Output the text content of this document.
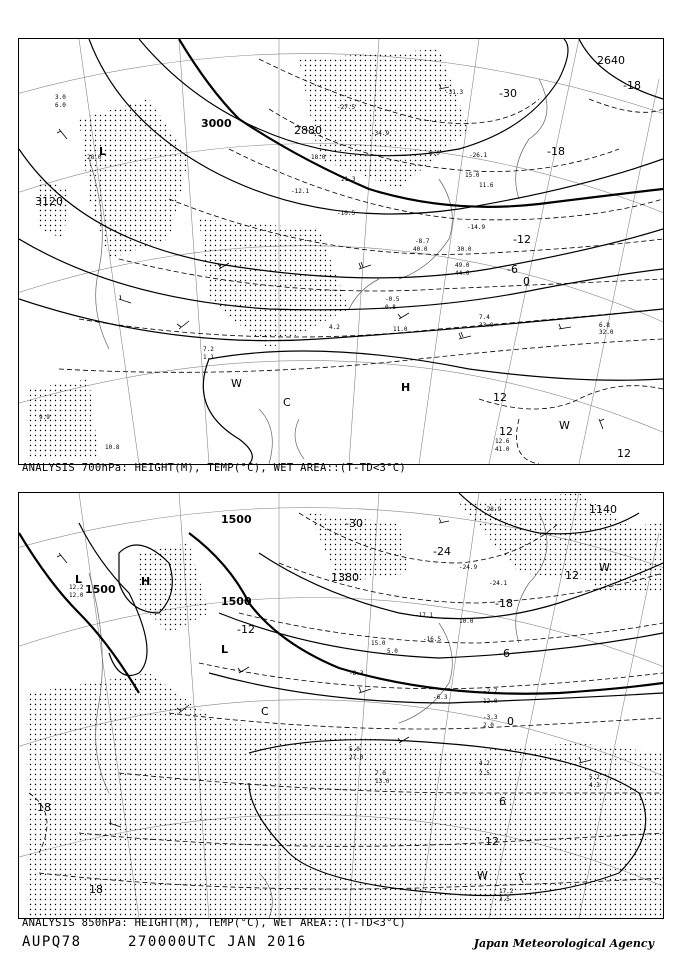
3000
2880
2640
3120
-30
-18
-12
-6
0
12
12
12
-18
L
H
W
C
W
-34.9
-27.5
-31.3
-26.1
6.0
15.0
18.0
-10.5
11.6
-12.1
21.3
-14.9
40.0	30.0
49.0
44.0
33.0
-8.7
10.8
-0.5
0.8
11.0	32.0
6.8
7.4
12.6
41.0
7.2
1.1
4.2
9.9
28.0
3.0
6.0
ANALYSIS 700hPa: HEIGHT(M), TEMP(°C), WET AREA::(T-TD<3°C)
1500
1500
1380
1140
1500
-30
-24
-18
-12
-6
0
6
12
18
18
12
L	H
L
W
W
C
-28.9
-24.9
-24.1
-17.1
-16.5
10.0
15.0
5.0
-8.3
-6.3
-2.7
12.0
-3.3
2.0
4.2
2.5
7.0
13.0
5.0
27.0
5.2
4.3
17.2
3.5
12.2
12.0
ANALYSIS 850hPa: HEIGHT(M), TEMP(°C), WET AREA::(T-TD<3°C)
AUPQ78	270000UTC JAN 2016	Japan Meteorological Agency
